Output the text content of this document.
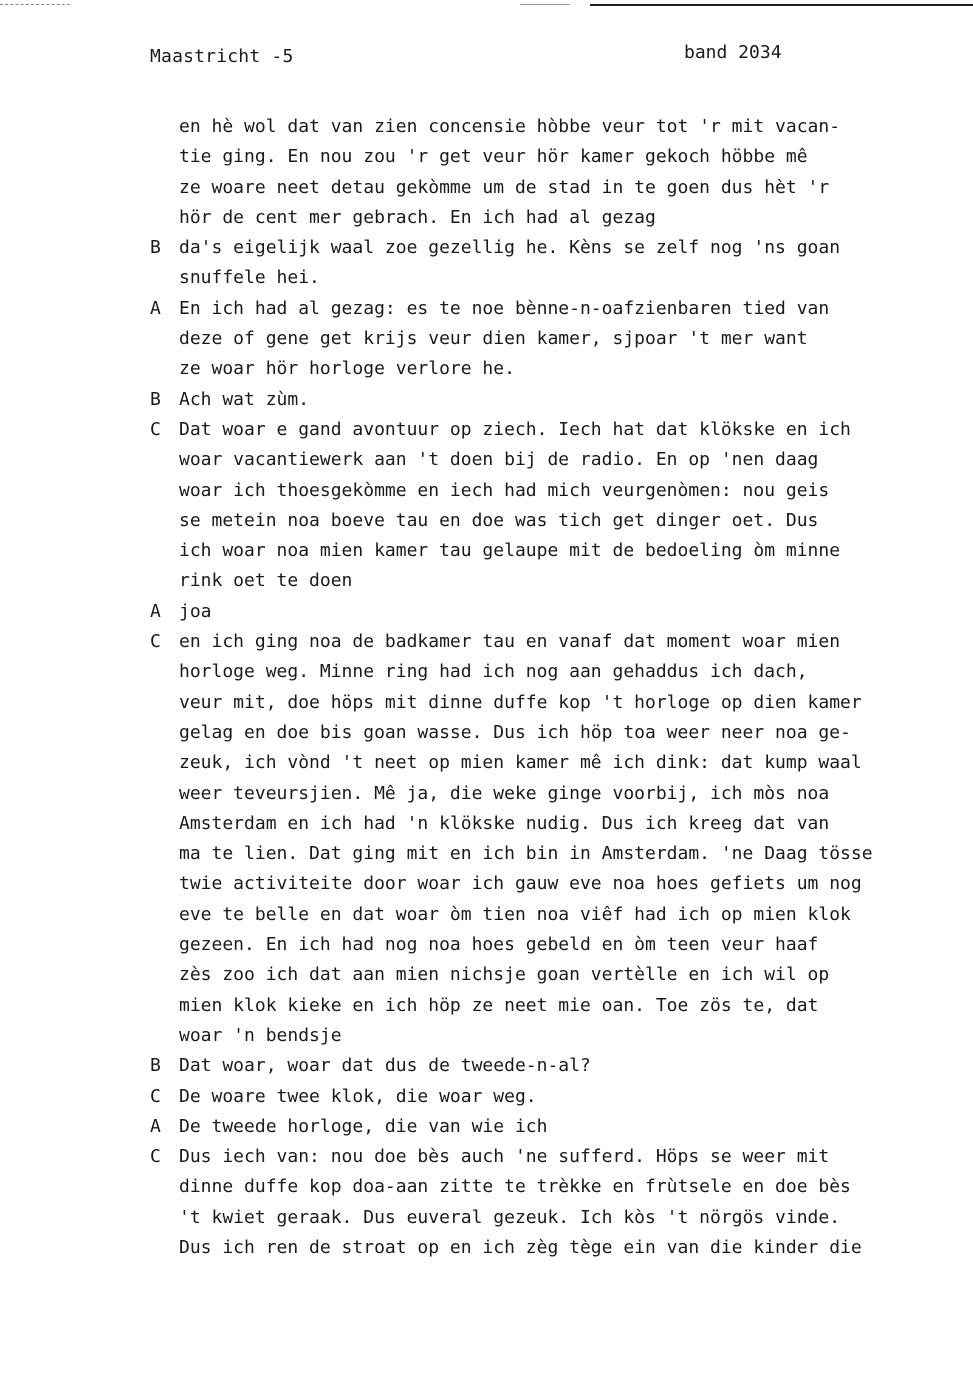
Maastricht -5	band 2034
en hè wol dat van zien concensie hòbbe veur tot 'r mit vacan-
tie ging. En nou zou 'r get veur hör kamer gekoch höbbe mê
ze woare neet detau gekòmme um de stad in te goen dus hèt 'r
hör de cent mer gebrach. En ich had al gezag
B	da's eigelijk waal zoe gezellig he. Kèns se zelf nog 'ns goan
snuffele hei.
A	En ich had al gezag: es te noe bènne-n-oafzienbaren tied van
deze of gene get krijs veur dien kamer, sjpoar 't mer want
ze woar hör horloge verlore he.
B	Ach wat zùm.
C	Dat woar e gand avontuur op ziech. Iech hat dat klökske en ich
woar vacantiewerk aan 't doen bij de radio. En op 'nen daag
woar ich thoesgekòmme en iech had mich veurgenòmen: nou geis
se metein noa boeve tau en doe was tich get dinger oet. Dus
ich woar noa mien kamer tau gelaupe mit de bedoeling òm minne
rink oet te doen
A	joa
C	en ich ging noa de badkamer tau en vanaf dat moment woar mien
horloge weg. Minne ring had ich nog aan gehaddus ich dach,
veur mit, doe höps mit dinne duffe kop 't horloge op dien kamer
gelag en doe bis goan wasse. Dus ich höp toa weer neer noa ge-
zeuk, ich vònd 't neet op mien kamer mê ich dink: dat kump waal
weer teveursjien. Mê ja, die weke ginge voorbij, ich mòs noa
Amsterdam en ich had 'n klökske nudig. Dus ich kreeg dat van
ma te lien. Dat ging mit en ich bin in Amsterdam. 'ne Daag tösse
twie activiteite door woar ich gauw eve noa hoes gefiets um nog
eve te belle en dat woar òm tien noa viêf had ich op mien klok
gezeen. En ich had nog noa hoes gebeld en òm teen veur haaf
zès zoo ich dat aan mien nichsje goan vertèlle en ich wil op
mien klok kieke en ich höp ze neet mie oan. Toe zös te, dat
woar 'n bendsje
B	Dat woar, woar dat dus de tweede-n-al?
C	De woare twee klok, die woar weg.
A	De tweede horloge, die van wie ich
C	Dus iech van: nou doe bès auch 'ne sufferd. Höps se weer mit
dinne duffe kop doa-aan zitte te trèkke en frùtsele en doe bès
't kwiet geraak. Dus euveral gezeuk. Ich kòs 't nörgös vinde.
Dus ich ren de stroat op en ich zèg tège ein van die kinder die
